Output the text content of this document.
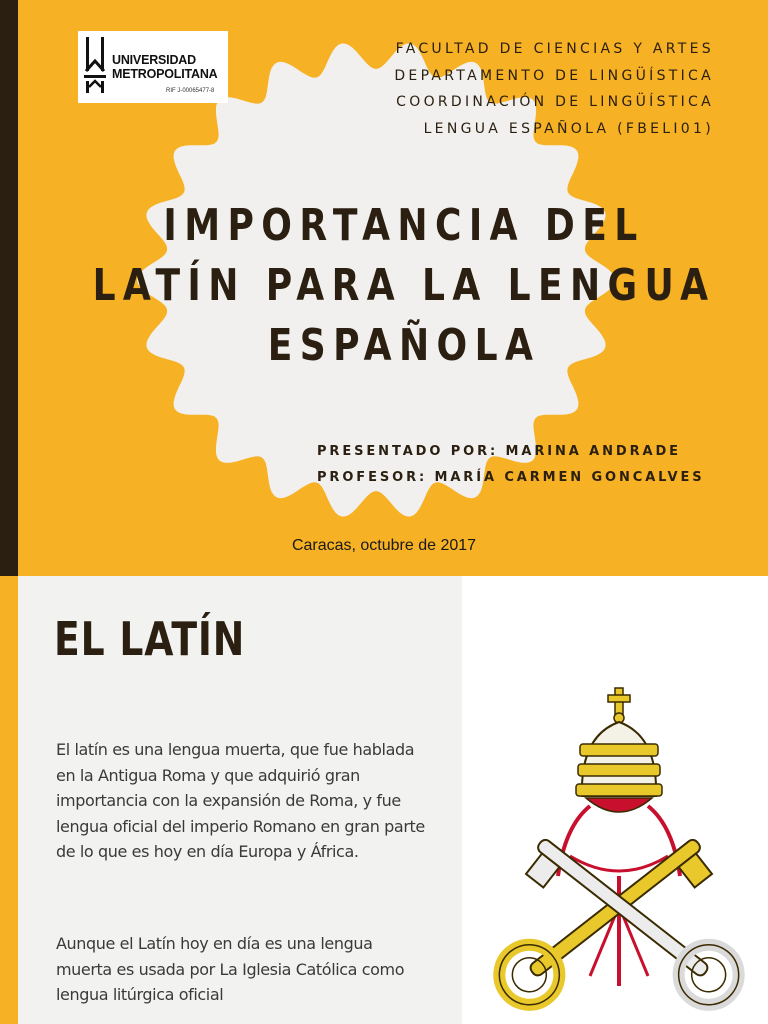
UNIVERSIDAD
METROPOLITANA
RIF J-00065477-8
FACULTAD DE CIENCIAS Y ARTES
DEPARTAMENTO DE LINGÜÍSTICA
COORDINACIÓN DE LINGÜÍSTICA
LENGUA ESPAÑOLA (FBELI01)
IMPORTANCIA DEL
LATÍN PARA LA LENGUA
ESPAÑOLA
PRESENTADO POR: MARINA ANDRADE
PROFESOR: MARÍA CARMEN GONCALVES
Caracas, octubre de 2017
EL LATÍN
El latín es una lengua muerta, que fue hablada en la Antigua Roma y que adquirió gran importancia con la expansión de Roma, y fue lengua oficial del imperio Romano en gran parte de lo que es hoy en día Europa y África.
Aunque el Latín hoy en día es una lengua muerta es usada por La Iglesia Católica como lengua litúrgica oficial
